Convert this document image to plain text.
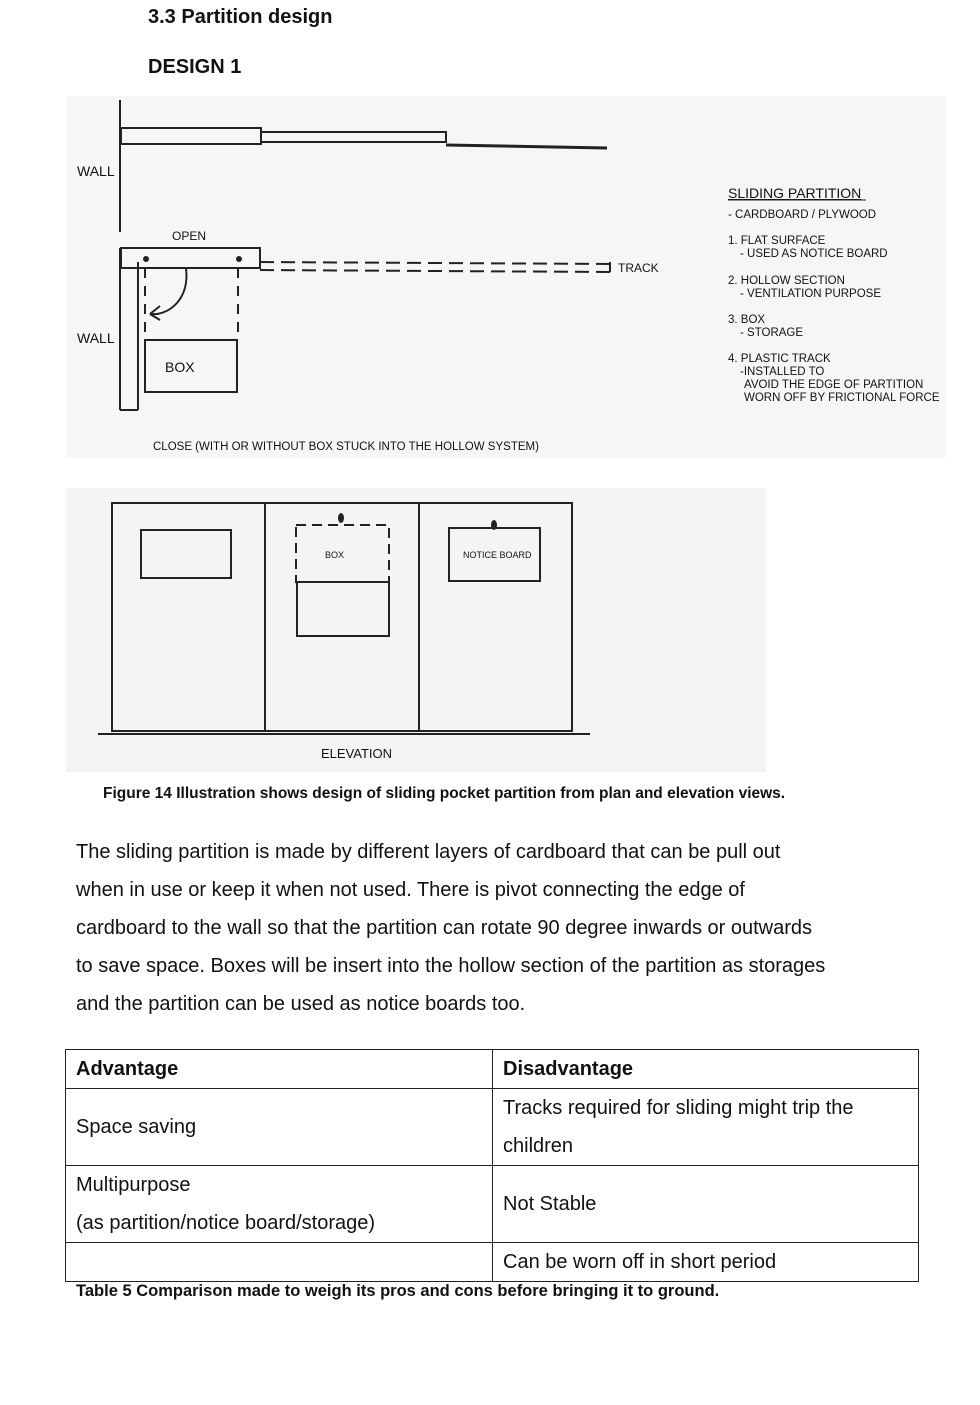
3.3 Partition design
DESIGN 1
WALL
WALL
OPEN
TRACK
BOX
CLOSE (WITH OR WITHOUT BOX STUCK INTO THE HOLLOW SYSTEM)
BOX	NOTICE BOARD
ELEVATION
SLIDING PARTITION
- CARDBOARD / PLYWOOD
1. FLAT SURFACE
- USED AS NOTICE BOARD
2. HOLLOW SECTION
- VENTILATION PURPOSE
3. BOX
- STORAGE
4. PLASTIC TRACK
-INSTALLED TO
AVOID THE EDGE OF PARTITION
WORN OFF BY FRICTIONAL FORCE
Figure 14 Illustration shows design of sliding pocket partition from plan and elevation views.
The sliding partition is made by different layers of cardboard that can be pull out
when in use or keep it when not used. There is pivot connecting the edge of
cardboard to the wall so that the partition can rotate 90 degree inwards or outwards
to save space. Boxes will be insert into the hollow section of the partition as storages
and the partition can be used as notice boards too.
Advantage	Disadvantage

Space saving	Tracks required for sliding might trip the
children

Multipurpose
(as partition/notice board/storage)	Not Stable

	Can be worn off in short period
Table 5 Comparison made to weigh its pros and cons before bringing it to ground.
